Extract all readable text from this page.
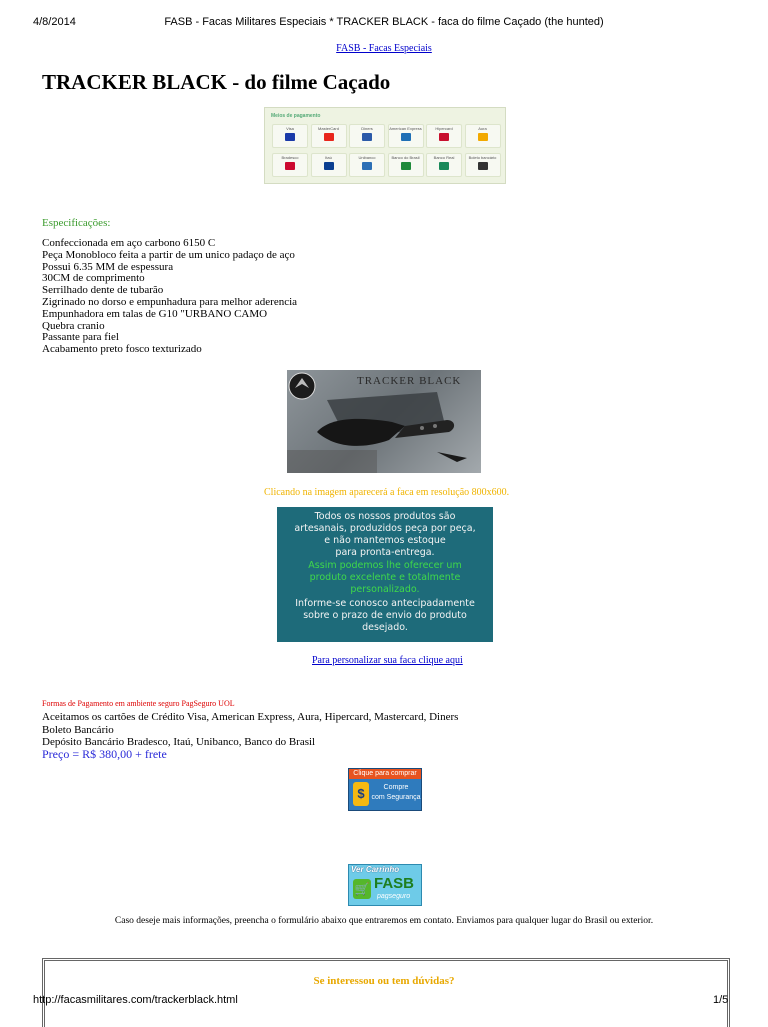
4/8/2014	FASB - Facas Militares Especiais * TRACKER BLACK - faca do filme Caçado (the hunted)
FASB - Facas Especiais
TRACKER BLACK - do filme Caçado
Meios de pagamento
Visa	MasterCard	Diners	American Express	Hipercard	Aura
Bradesco	Itaú	Unibanco	Banco do Brasil	Banco Real	Boleto bancário
Especificações:
Confeccionada em aço carbono 6150 C
Peça Monobloco feita a partir de um unico padaço de aço
Possui 6.35 MM de espessura
30CM de comprimento
Serrilhado dente de tubarão
Zigrinado no dorso e empunhadura para melhor aderencia
Empunhadora em talas de G10 "URBANO CAMO
Quebra cranio
Passante para fiel
Acabamento preto fosco texturizado
TRACKER BLACK
Clicando na imagem aparecerá a faca em resolução 800x600.
Todos os nossos produtos são
artesanais, produzidos peça por peça,
e não mantemos estoque
para pronta-entrega.
Assim podemos lhe oferecer um
produto excelente e totalmente
personalizado.
Informe-se conosco antecipadamente
sobre o prazo de envio do produto
desejado.
Para personalizar sua faca clique aqui
Formas de Pagamento em ambiente seguro PagSeguro UOL
Aceitamos os cartões de Crédito Visa, American Express, Aura, Hipercard, Mastercard, Diners
Boleto Bancário
Depósito Bancário Bradesco, Itaú, Unibanco, Banco do Brasil
Preço = R$ 380,00 + frete
Clique para comprar
$	Compre
com Segurança
Ver Carrinho
🛒 FASB
pagseguro
Caso deseje mais informações, preencha o formulário abaixo que entraremos em contato. Enviamos para qualquer lugar do Brasil ou exterior.
Se interessou ou tem dúvidas?
http://facasmilitares.com/trackerblack.html	1/5
